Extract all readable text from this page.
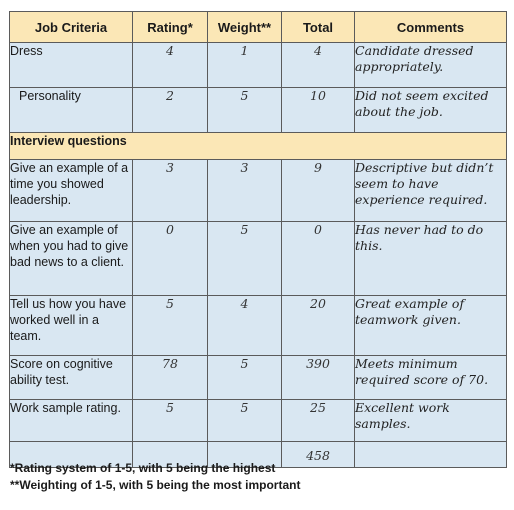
Job Criteria	Rating*	Weight**	Total	Comments
Dress	4	1	4	Candidate dressed appropriately.
Personality	2	5	10	Did not seem excited about the job.
Interview questions				
Give an example of a time you showed leadership.	3	3	9	Descriptive but didn’t seem to have experience required.
Give an example of when you had to give bad news to a client.	0	5	0	Has never had to do this.
Tell us how you have worked well in a team.	5	4	20	Great example of teamwork given.
Score on cognitive ability test.	78	5	390	Meets minimum required score of 70.
Work sample rating.	5	5	25	Excellent work samples.
			458	
*Rating system of 1-5, with 5 being the highest
**Weighting of 1-5, with 5 being the most important
